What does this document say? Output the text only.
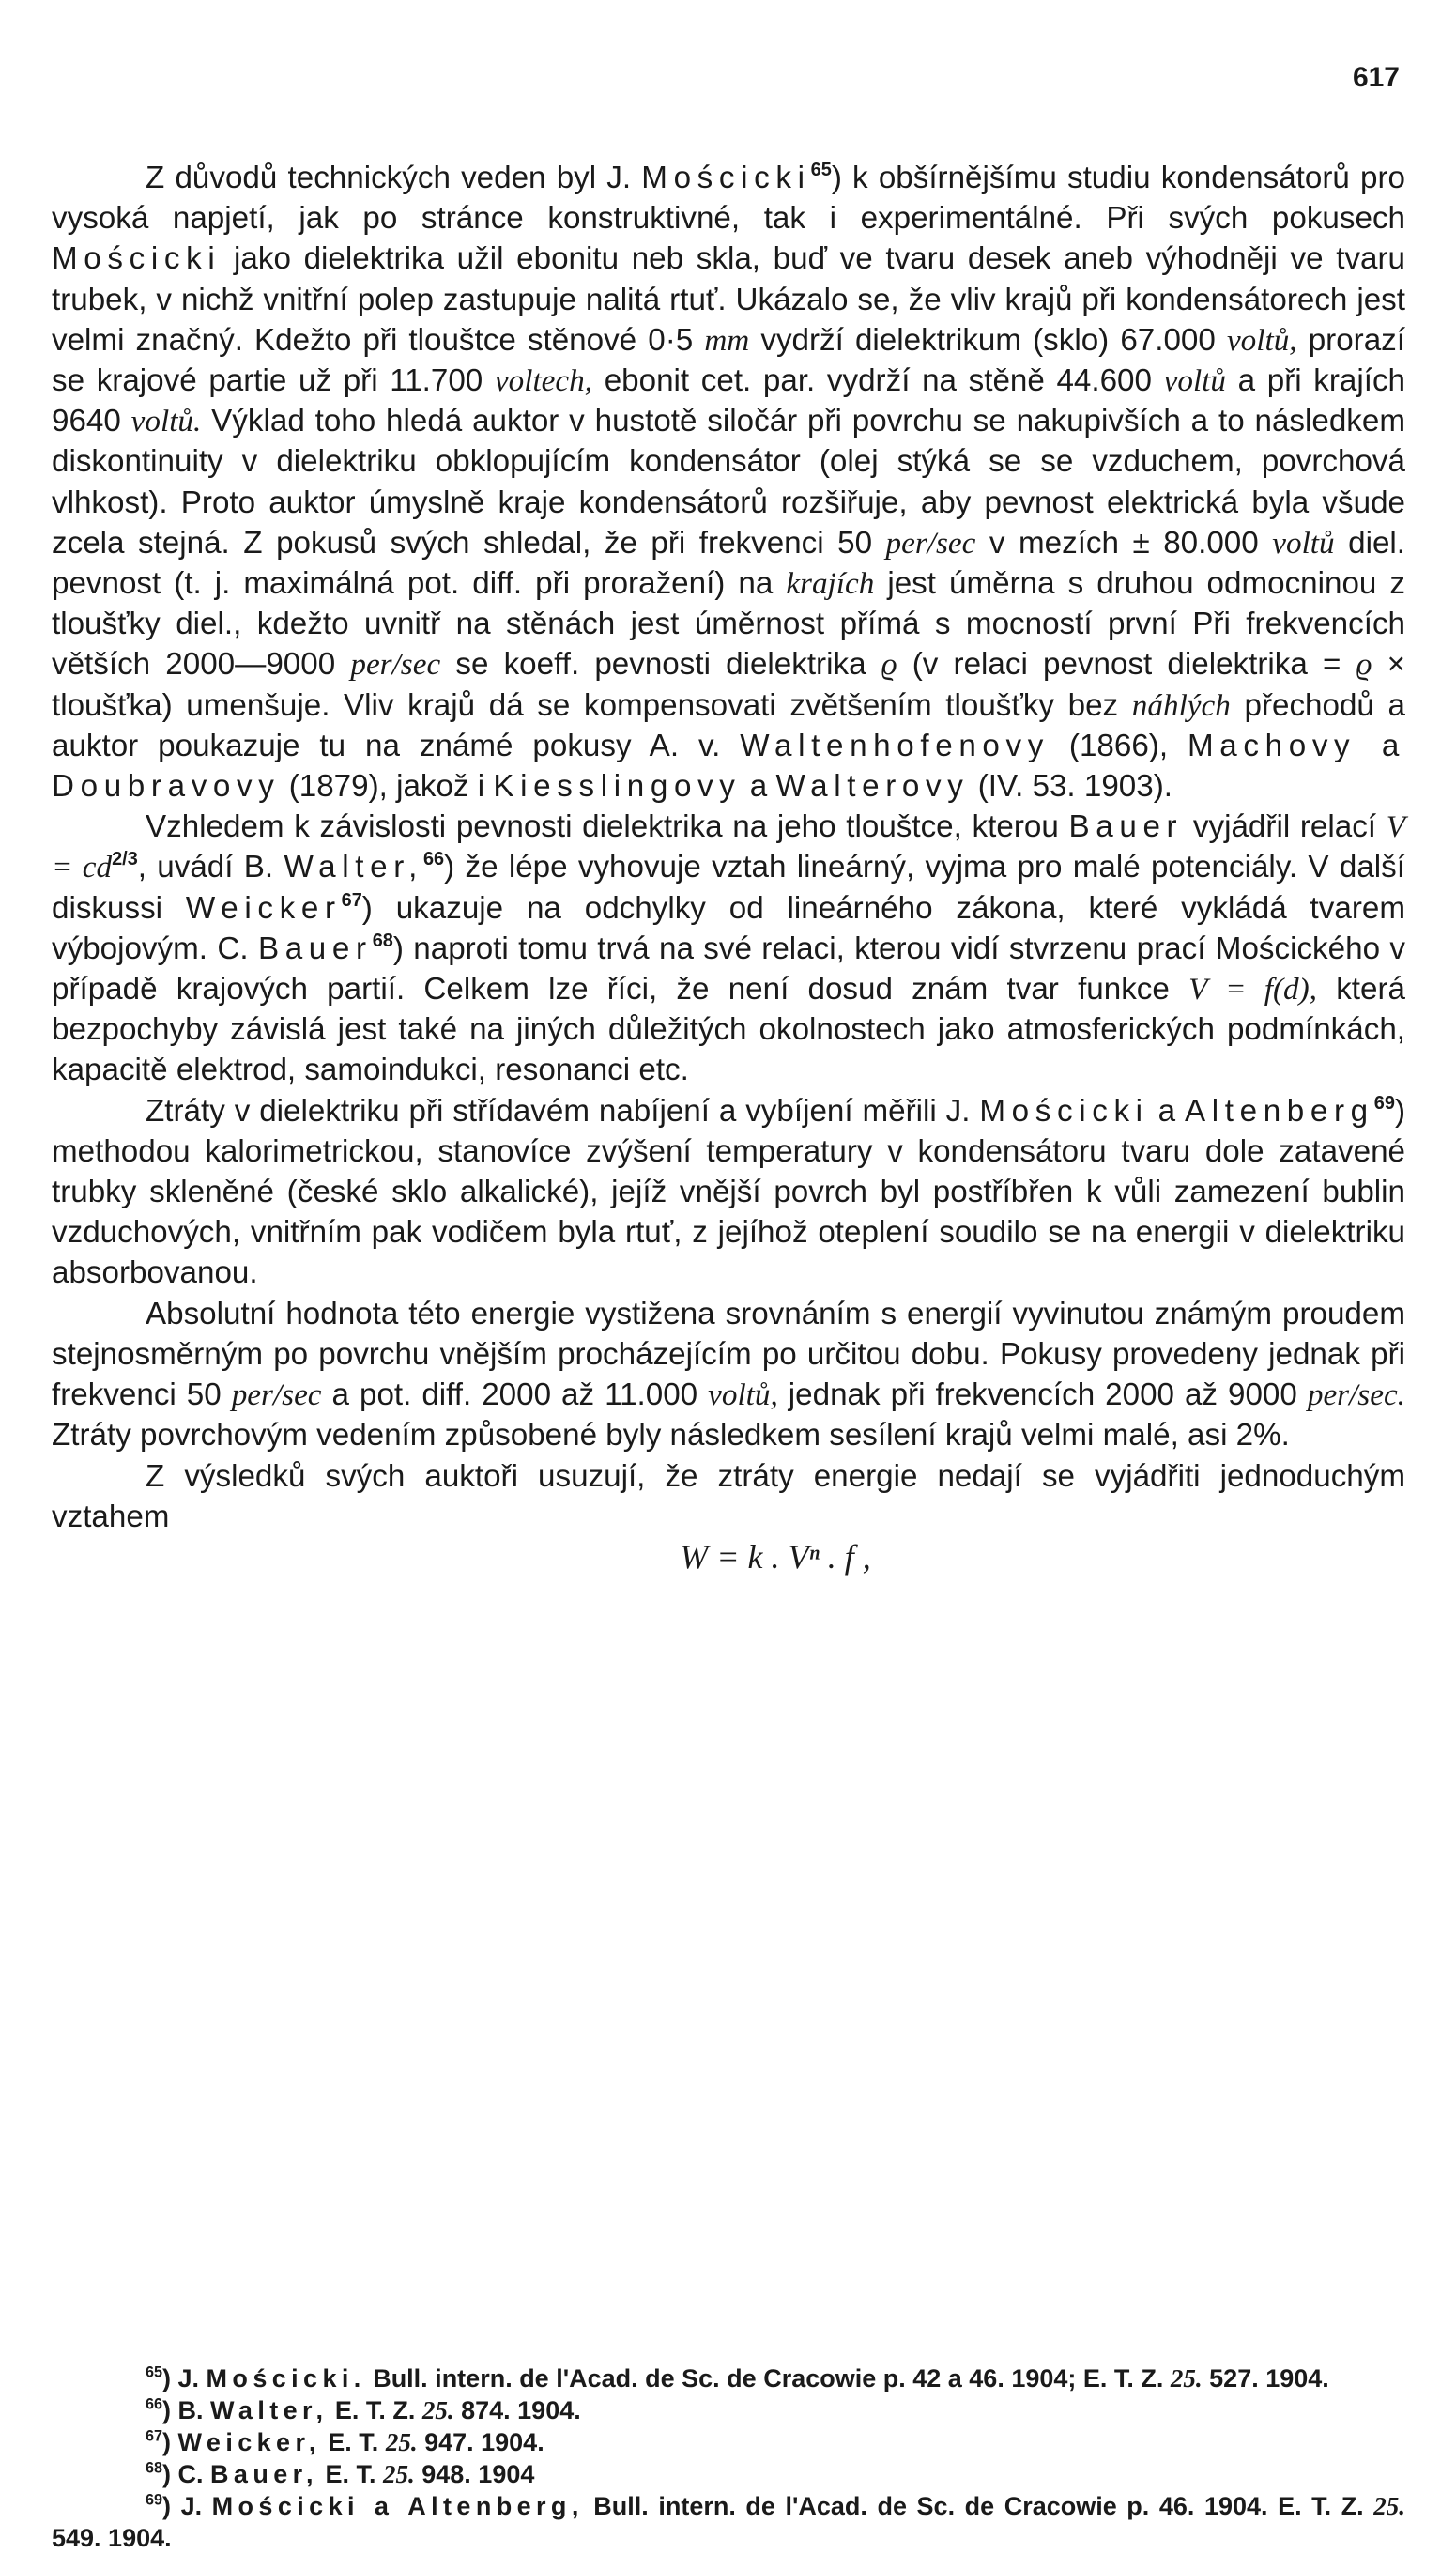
617

Z důvodů technických veden byl J. Mościcki$^{65}$) k obšírnějšímu studiu kondensátorů pro vysoká napjetí, jak po stránce konstruktivné, tak i experimentálné. Při svých pokusech Mościcki jako dielektrika užil ebonitu neb skla, buď ve tvaru desek aneb výhodněji ve tvaru trubek, v nichž vnitřní polep zastupuje nalitá rtuť. Ukázalo se, že vliv krajů při kondensátorech jest velmi značný. Kdežto při tlouštce stěnové 0·5 mm vydrží dielektrikum (sklo) 67.000 voltů, prorazí se krajové partie už při 11.700 voltech, ebonit cet. par. vydrží na stěně 44.600 voltů a při krajích 9640 voltů. Výklad toho hledá auktor v hustotě siločár při povrchu se nakupivších a to následkem diskontinuity v dielektriku obklopujícím kondensátor (olej stýká se se vzduchem, povrchová vlhkost). Proto auktor úmyslně kraje kondensátorů rozšiřuje, aby pevnost elektrická byla všude zcela stejná. Z pokusů svých shledal, že při frekvenci 50 per/sec v mezích ± 80.000 voltů diel. pevnost (t. j. maximálná pot. diff. při proražení) na krajích jest úměrna s druhou odmocninou z tloušťky diel., kdežto uvnitř na stěnách jest úměrnost přímá s mocností první Při frekvencích větších 2000—9000 per/sec se koeff. pevnosti dielektrika ϱ (v relaci pevnost dielektrika = ϱ × tloušťka) umenšuje. Vliv krajů dá se kompensovati zvětšením tloušťky bez náhlých přechodů a auktor poukazuje tu na známé pokusy A. v. Waltenhofenovy (1866), Machovy a Doubravovy (1879), jakož i Kiesslingovy a Walterovy (IV. 53. 1903).

Vzhledem k závislosti pevnosti dielektrika na jeho tlouštce, kterou Bauer vyjádřil relací $V = cd^{2/3}$, uvádí B. Walter,$^{66}$) že lépe vyhovuje vztah lineárný, vyjma pro malé potenciály. V další diskussi Weicker$^{67}$) ukazuje na odchylky od lineárného zákona, které vykládá tvarem výbojovým. C. Bauer$^{68}$) naproti tomu trvá na své relaci, kterou vidí stvrzenu prací Moścického v případě krajových partií. Celkem lze říci, že není dosud znám tvar funkce V = f(d), která bezpochyby závislá jest také na jiných důležitých okolnostech jako atmosferických podmínkách, kapacitě elektrod, samoindukci, resonanci etc.

Ztráty v dielektriku při střídavém nabíjení a vybíjení měřili J. Mościcki a Altenberg$^{69}$) methodou kalorimetrickou, stanovíce zvýšení temperatury v kondensátoru tvaru dole zatavené trubky skleněné (české sklo alkalické), jejíž vnější povrch byl postříbřen k vůli zamezení bublin vzduchových, vnitřním pak vodičem byla rtuť, z jejíhož oteplení soudilo se na energii v dielektriku absorbovanou.

Absolutní hodnota této energie vystižena srovnáním s energií vyvinutou známým proudem stejnosměrným po povrchu vnějším procházejícím po určitou dobu. Pokusy provedeny jednak při frekvenci 50 per/sec a pot. diff. 2000 až 11.000 voltů, jednak při frekvencích 2000 až 9000 per/sec. Ztráty povrchovým vedením způsobené byly následkem sesílení krajů velmi malé, asi 2%.

Z výsledků svých auktoři usuzují, že ztráty energie nedají se vyjádřiti jednoduchým vztahem

W = k . Vⁿ . f ,

$^{65}$) J. Mościcki. Bull. intern. de l'Acad. de Sc. de Cracowie p. 42 a 46. 1904; E. T. Z. 25. 527. 1904.

$^{66}$) B. Walter, E. T. Z. 25. 874. 1904.

$^{67}$) Weicker, E. T. 25. 947. 1904.

$^{68}$) C. Bauer, E. T. 25. 948. 1904

$^{69}$) J. Mościcki a Altenberg, Bull. intern. de l'Acad. de Sc. de Cracowie p. 46. 1904. E. T. Z. 25. 549. 1904.
